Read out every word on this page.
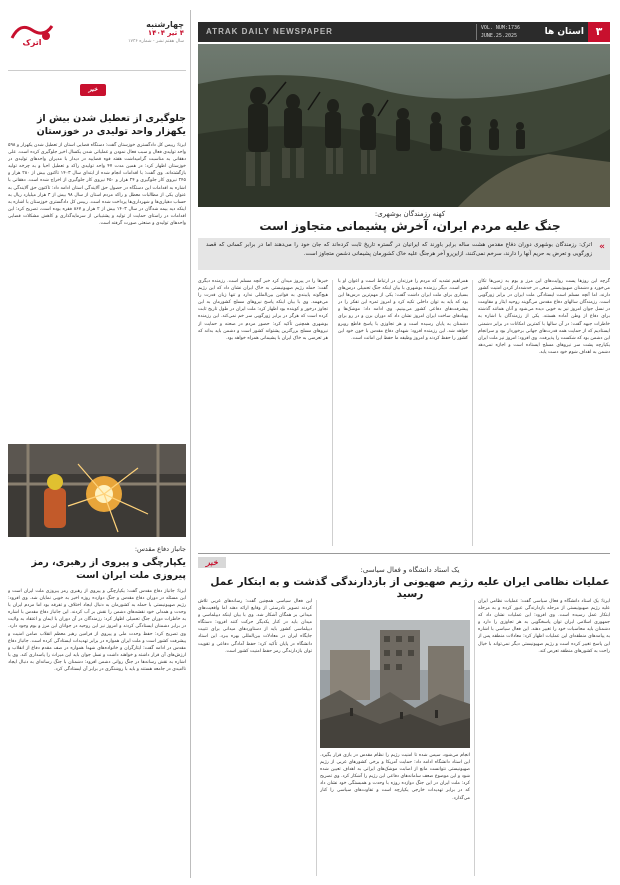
۳
استان ها
VOL. NUM:1736
JUNE.25.2025
ATRAK DAILY NEWSPAPER
کهنه رزمندگان بوشهری:
جنگ علیه مردم ایران، آخرش پشیمانی متجاوز است
«
اترک: رزمندگان بوشهری دوران دفاع مقدس هشت ساله برابر باورند که ایرانیان در گستره تاریخ ثابت کرده‌اند که جان خود را می‌دهند اما در برابر کسانی که قصد زورگویی و تعرض به حریم آنها را دارند، سرخم نمی‌کنند، ازاین‌رو آخر هرجنگ علیه خاک کشورمان پشیمانی دشمن متجاوز است.
گرچه این روزها پست روایت‌های این مرز و بوم به زمین‌ها تکان می‌خورد و دشمنان صهیونیستی سعی در خدشه‌دار کردن امنیت کشور دارند، اما آنچه مسلم است ایستادگی ملت ایران در برابر زورگویی است. رزمندگان سالهای دفاع مقدس می‌گویند روحیه ایثار و مقاومت در نسل جوان امروز نیز به خوبی دیده می‌شود و آنان همانند گذشته برای دفاع از وطن آماده هستند. یکی از رزمندگان با اشاره به خاطرات جبهه گفت: در آن سالها با کمترین امکانات در برابر دشمنی ایستادیم که از حمایت همه قدرت‌های جهانی برخوردار بود و سرانجام این دشمن بود که شکست را پذیرفت. وی افزود: امروز نیز ملت ایران یکپارچه پشت سر نیروهای مسلح ایستاده است و اجازه نمی‌دهد دشمن به اهداف شوم خود دست یابد.
همراهیم تشدید که مردم را فرزندان در ارتباط است و اعوان او با خبر است. دیگر رزمنده بوشهری با بیان اینکه جنگ تحمیلی درس‌های بسیاری برای ملت ایران داشت گفت: یکی از مهم‌ترین درس‌ها این بود که باید به توان داخلی تکیه کرد و امروز ثمره این تفکر را در پیشرفت‌های دفاعی کشور می‌بینیم. وی ادامه داد: موشک‌ها و پهپادهای ساخت ایران امروز نشان داد که دوران بزن و در رو برای دشمنان به پایان رسیده است و هر تجاوزی با پاسخ قاطع روبرو خواهد شد. این رزمنده افزود: شهدای دفاع مقدس با خون خود این کشور را حفظ کردند و امروز وظیفه ما حفظ این امانت است.
خبرها را در پیروز میدان کرد خبر آنچه مسلم است. رزمنده دیگری گفت: حمله رژیم صهیونیستی به خاک ایران نشان داد که این رژیم هیچ‌گونه پایبندی به قوانین بین‌المللی ندارد و تنها زبان قدرت را می‌فهمد. وی با بیان اینکه پاسخ نیروهای مسلح کشورمان به این تجاوز درخور و کوبنده بود اظهار کرد: ملت ایران در طول تاریخ ثابت کرده است که هرگز در برابر زورگویی سر خم نمی‌کند. این رزمنده بوشهری همچنین تأکید کرد: حضور مردم در صحنه و حمایت از نیروهای مسلح بزرگترین پشتوانه کشور است و دشمن باید بداند که هر تعرضی به خاک ایران با پشیمانی همراه خواهد بود.
خبر
یک استاد دانشگاه و فعال سیاسی:
عملیات نظامی ایران علیه رژیم صهیونی از بازدارندگی گذشت و به ابتکار عمل رسید
ایرنا: یک استاد دانشگاه و فعال سیاسی گفت: عملیات نظامی ایران علیه رژیم صهیونیستی از مرحله بازدارندگی عبور کرده و به مرحله ابتکار عمل رسیده است. وی افزود: این عملیات نشان داد که جمهوری اسلامی ایران توان پاسخگویی به هر تجاوزی را دارد و دشمنان باید محاسبات خود را تغییر دهند. این فعال سیاسی با اشاره به پیامدهای منطقه‌ای این عملیات اظهار کرد: معادلات منطقه پس از این پاسخ تغییر کرده است و رژیم صهیونیستی دیگر نمی‌تواند با خیال راحت به کشورهای منطقه تعرض کند.
انجام می‌شود، سپس شده تا امنیت رژیم را نظام مقدس در بازی قرار بگیرد. این استاد دانشگاه ادامه داد: حمایت آمریکا و برخی کشورهای غربی از رژیم صهیونیستی نتوانست مانع از اصابت موشک‌های ایرانی به اهداف تعیین شده شود و این موضوع ضعف سامانه‌های دفاعی این رژیم را آشکار کرد. وی تصریح کرد: ملت ایران در این جنگ دوازده روزه با وحدت و همبستگی خود نشان داد که در برابر تهدیدات خارجی یکپارچه است و تفاوت‌های سیاسی را کنار می‌گذارد.
این فعال سیاسی همچنین گفت: رسانه‌های غربی تلاش کردند تصویر نادرستی از وقایع ارائه دهند اما واقعیت‌های میدانی بر همگان آشکار شد. وی با بیان اینکه دیپلماسی و میدان باید در کنار یکدیگر حرکت کنند افزود: دستگاه دیپلماسی کشور باید از دستاوردهای میدانی برای تثبیت جایگاه ایران در معادلات بین‌المللی بهره ببرد. این استاد دانشگاه در پایان تأکید کرد: حفظ آمادگی دفاعی و تقویت توان بازدارندگی رمز حفظ امنیت کشور است.
اترک
چهارشنبه
۴ تیر ۱۴۰۴
سال هفتم نشر - شماره ۱۷۳۶
خبر
جلوگیری از تعطیل شدن بیش از یکهزار واحد تولیدی در خوزستان
ایرنا: رییس کل دادگستری خوزستان گفت: دستگاه قضایی استان از تعطیل شدن یکهزار و ۵۹۸ واحد تولیدی فعال و سبب فعال نمودن و عملیاتی شدن یکسال اخیر جلوگیری کرده است. علی دهقانی به مناسبت گرامیداشت هفته قوه قضاییه در دیدار با مدیران واحدهای تولیدی در خوزستان اظهار کرد: در همین مدت ۴۷ واحد تولیدی راکد و تعطیل احیا و به چرخه تولید بازگشته‌اند. وی گفت: با اقدامات انجام شده از ابتدای سال ۱۴۰۳ تاکنون بیش از ۲۸۰ هزار و ۲۴۵ نیروی کار جلوگیری و ۲۴ هزار و ۴۵۰ نیروی کار جلوگیری از اخراج شده است. دهقانی با اشاره به اقدامات این دستگاه در حصول حق آلایندگی استان ادامه داد: تاکنون حق آلایندگی به عنوان یکی از مطالبات معطل و راکد مردم استان از سال ۹۸ بیش از ۳ هزار میلیارد ریال به حساب دهیاری‌ها و شهرداری‌ها پرداخت شده است. رییس کل دادگستری خوزستان با اشاره به اینکه دیه بیمه شدگان در سال ۱۴۰۳ بیش از ۲ هزار و ۸۶۷ فقره بوده است، تصریح کرد: این اقدامات در راستای حمایت از تولید و پشتیبانی از سرمایه‌گذاری و کاهش مشکلات قضایی واحدهای تولیدی و صنعتی صورت گرفته است.
جانباز دفاع مقدس:
یکپارچگی و پیروی از رهبری، رمز پیروزی ملت ایران است
ایرنا: جانباز دفاع مقدس گفت: یکپارچگی و پیروی از رهبری رمز پیروزی ملت ایران است و این مسئله در دوران دفاع مقدس و جنگ دوازده روزه اخیر به خوبی نمایان شد. وی افزود: رژیم صهیونیستی با حمله به کشورمان به دنبال ایجاد اختلاف و تفرقه بود اما مردم ایران با وحدت و همدلی خود نقشه‌های دشمن را نقش بر آب کردند. این جانباز دفاع مقدس با اشاره به خاطرات دوران جنگ تحمیلی اظهار کرد: رزمندگان در آن دوران با ایمان و اعتقاد به ولایت در برابر دشمنان ایستادگی کردند و امروز نیز این روحیه در جوانان این مرز و بوم وجود دارد. وی تصریح کرد: حفظ وحدت ملی و پیروی از فرامین رهبر معظم انقلاب ضامن امنیت و پیشرفت کشور است و ملت ایران همواره در برابر تهدیدات ایستادگی کرده است. جانباز دفاع مقدس در ادامه گفت: ایثارگران و خانواده‌های شهدا همواره در صف مقدم دفاع از انقلاب و ارزش‌های آن قرار داشته و خواهند داشت و نسل جوان باید این میراث را پاسداری کند. وی با اشاره به نقش رسانه‌ها در جنگ روانی دشمن افزود: دشمنان با جنگ رسانه‌ای به دنبال ایجاد ناامیدی در جامعه هستند و باید با روشنگری در برابر آن ایستادگی کرد.
